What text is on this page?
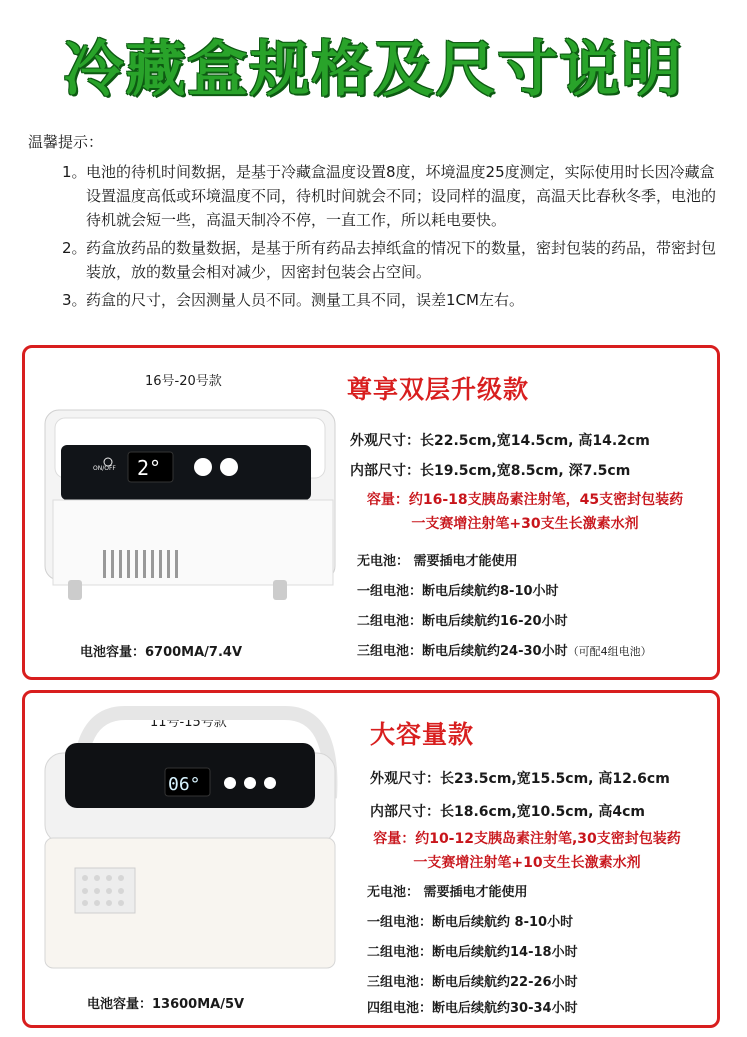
冷藏盒规格及尺寸说明
温馨提示：
1。 电池的待机时间数据，是基于冷藏盒温度设置8度，坏境温度25度测定，实际使用时长因冷藏盒设置温度高低或环境温度不同，待机时间就会不同；设同样的温度，高温天比春秋冬季，电池的待机就会短一些，高温天制冷不停，一直工作，所以耗电要快。
2。 药盒放药品的数量数据，是基于所有药品去掉纸盒的情况下的数量，密封包装的药品，带密封包装放，放的数量会相对减少，因密封包装会占空间。
3。 药盒的尺寸，会因测量人员不同。测量工具不同，误差1CM左右。
16号-20号款
ON/OFF 2°
尊享双层升级款
外观尺寸：长22.5cm,宽14.5cm, 高14.2cm
内部尺寸：长19.5cm,宽8.5cm, 深7.5cm
容量：约16-18支胰岛素注射笔，45支密封包装药
一支赛增注射笔+30支生长激素水剂
无电池： 需要插电才能使用
一组电池：断电后续航约8-10小时
二组电池：断电后续航约16-20小时
三组电池：断电后续航约24-30小时（可配4组电池）
电池容量：6700MA/7.4V
11号-15号款
06°
大容量款
外观尺寸：长23.5cm,宽15.5cm, 高12.6cm
内部尺寸：长18.6cm,宽10.5cm, 高4cm
容量：约10-12支胰岛素注射笔,30支密封包装药
一支赛增注射笔+10支生长激素水剂
无电池： 需要插电才能使用
一组电池：断电后续航约 8-10小时
二组电池：断电后续航约14-18小时
三组电池：断电后续航约22-26小时
四组电池：断电后续航约30-34小时
电池容量：13600MA/5V
